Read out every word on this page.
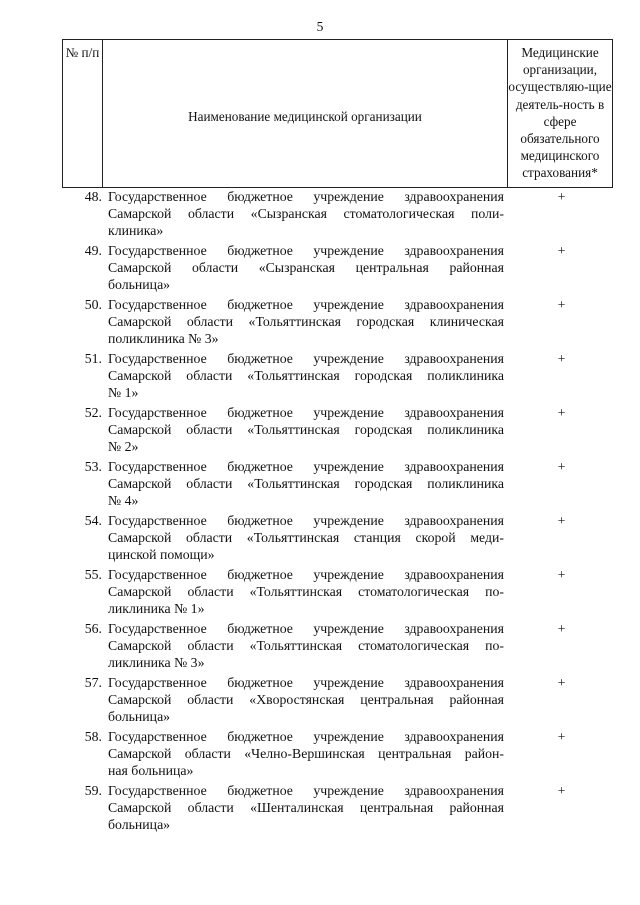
5
№ п/п
Наименование медицинской организации
Медицинские организации, осуществляю-щие деятель-ность в сфере обязательного медицинского страхования*
48. Государственное бюджетное учреждение здравоохранения
Самарской области «Сызранская стоматологическая поли-
клиника»
+
49. Государственное бюджетное учреждение здравоохранения
Самарской области «Сызранская центральная районная
больница»
+
50. Государственное бюджетное учреждение здравоохранения
Самарской области «Тольяттинская городская клиническая
поликлиника № 3»
+
51. Государственное бюджетное учреждение здравоохранения
Самарской области «Тольяттинская городская поликлиника
№ 1»
+
52. Государственное бюджетное учреждение здравоохранения
Самарской области «Тольяттинская городская поликлиника
№ 2»
+
53. Государственное бюджетное учреждение здравоохранения
Самарской области «Тольяттинская городская поликлиника
№ 4»
+
54. Государственное бюджетное учреждение здравоохранения
Самарской области «Тольяттинская станция скорой меди-
цинской помощи»
+
55. Государственное бюджетное учреждение здравоохранения
Самарской области «Тольяттинская стоматологическая по-
ликлиника № 1»
+
56. Государственное бюджетное учреждение здравоохранения
Самарской области «Тольяттинская стоматологическая по-
ликлиника № 3»
+
57. Государственное бюджетное учреждение здравоохранения
Самарской области «Хворостянская центральная районная
больница»
+
58. Государственное бюджетное учреждение здравоохранения
Самарской области «Челно-Вершинская центральная район-
ная больница»
+
59. Государственное бюджетное учреждение здравоохранения
Самарской области «Шенталинская центральная районная
больница»
+
